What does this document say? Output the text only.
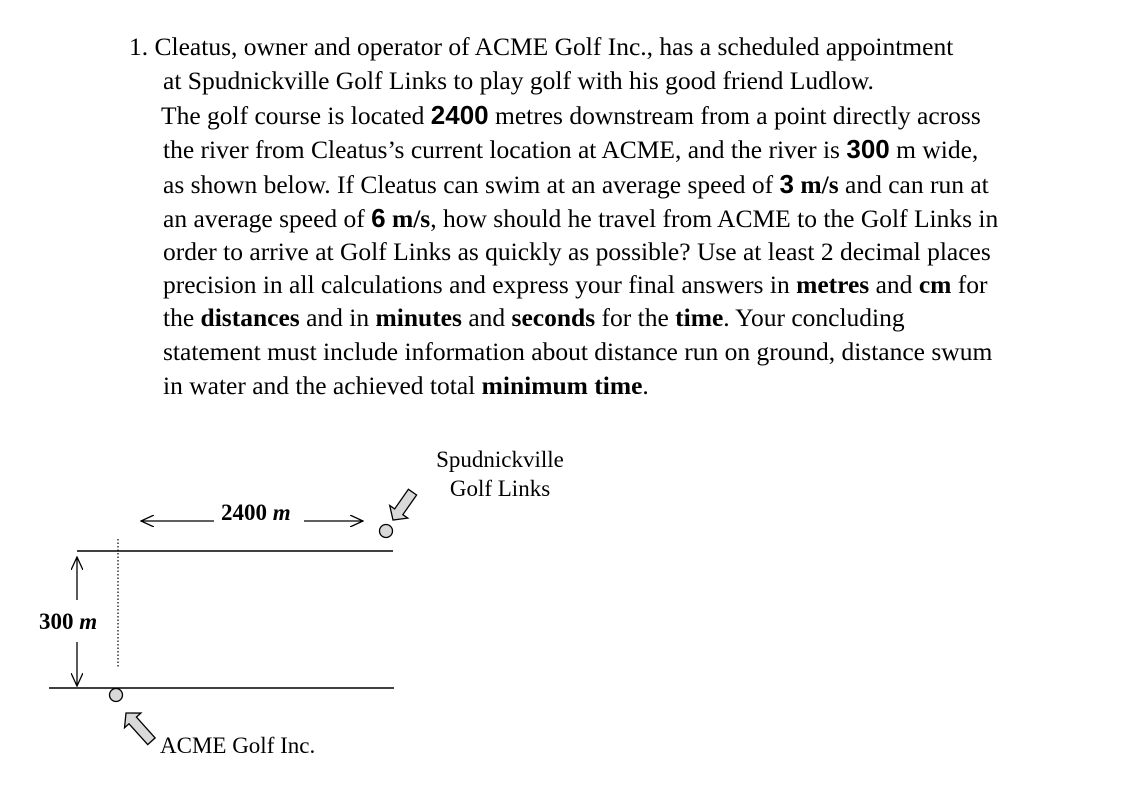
1. Cleatus, owner and operator of ACME Golf Inc., has a scheduled appointment
at Spudnickville Golf Links to play golf with his good friend Ludlow.
The golf course is located 2400 metres downstream from a point directly across
the river from Cleatus’s current location at ACME, and the river is 300 m wide,
as shown below. If Cleatus can swim at an average speed of 3 m/s and can run at
an average speed of 6 m/s, how should he travel from ACME to the Golf Links in
order to arrive at Golf Links as quickly as possible? Use at least 2 decimal places
precision in all calculations and express your final answers in metres and cm for
the distances and in minutes and seconds for the time. Your concluding
statement must include information about distance run on ground, distance swum
in water and the achieved total minimum time.
Spudnickville
Golf Links
2400 m
300 m
ACME Golf Inc.
